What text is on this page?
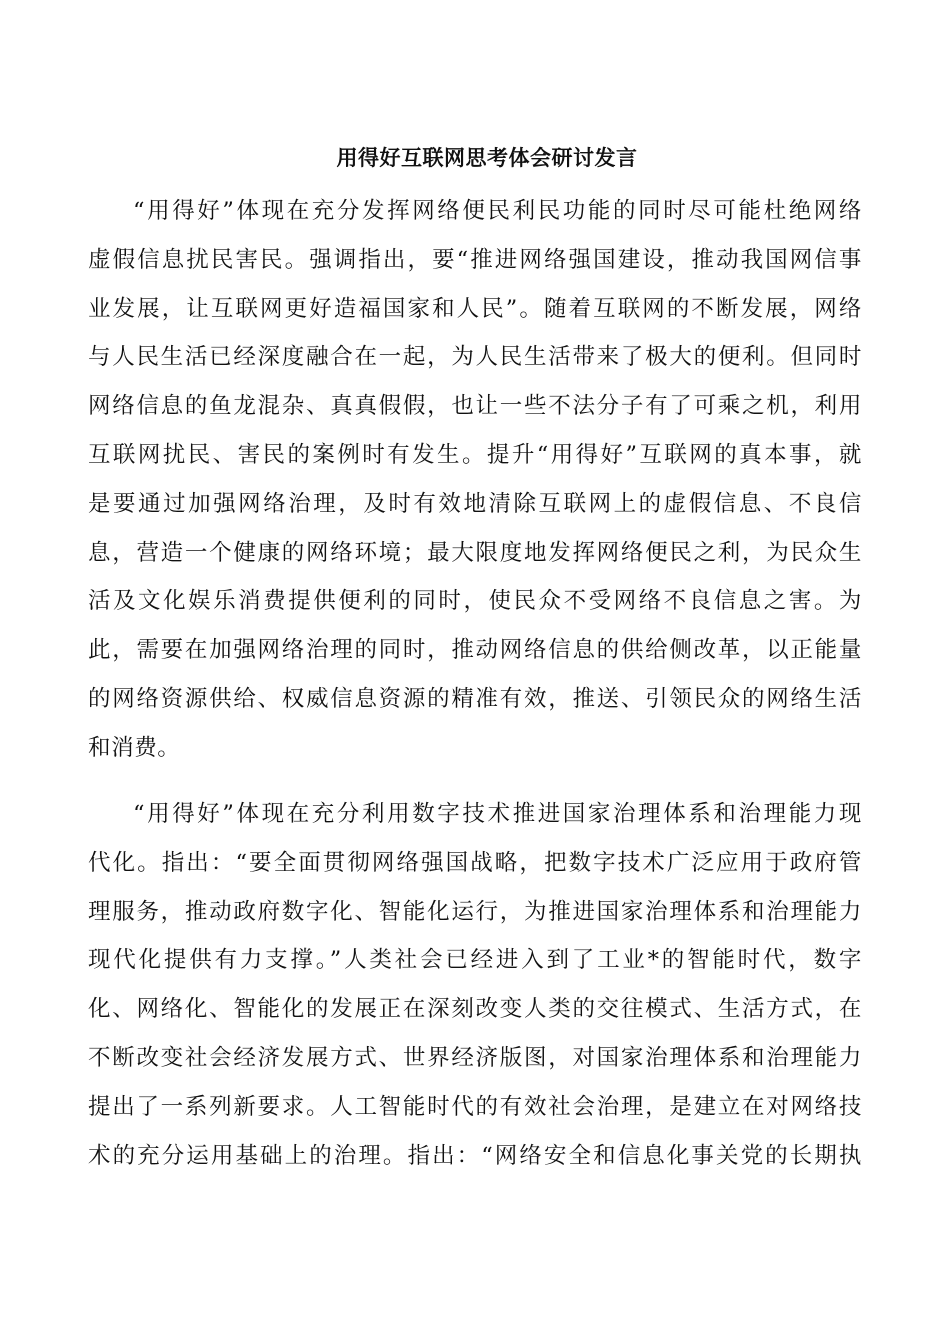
用得好互联网思考体会研讨发言
“用得好”体现在充分发挥网络便民利民功能的同时尽可能杜绝网络
虚假信息扰民害民。强调指出，要“推进网络强国建设，推动我国网信事
业发展，让互联网更好造福国家和人民”。随着互联网的不断发展，网络
与人民生活已经深度融合在一起，为人民生活带来了极大的便利。但同时
网络信息的鱼龙混杂、真真假假，也让一些不法分子有了可乘之机，利用
互联网扰民、害民的案例时有发生。提升“用得好”互联网的真本事，就
是要通过加强网络治理，及时有效地清除互联网上的虚假信息、不良信
息，营造一个健康的网络环境；最大限度地发挥网络便民之利，为民众生
活及文化娱乐消费提供便利的同时，使民众不受网络不良信息之害。为
此，需要在加强网络治理的同时，推动网络信息的供给侧改革，以正能量
的网络资源供给、权威信息资源的精准有效，推送、引领民众的网络生活
和消费。
“用得好”体现在充分利用数字技术推进国家治理体系和治理能力现
代化。指出：“要全面贯彻网络强国战略，把数字技术广泛应用于政府管
理服务，推动政府数字化、智能化运行，为推进国家治理体系和治理能力
现代化提供有力支撑。”人类社会已经进入到了工业*的智能时代，数字
化、网络化、智能化的发展正在深刻改变人类的交往模式、生活方式，在
不断改变社会经济发展方式、世界经济版图，对国家治理体系和治理能力
提出了一系列新要求。人工智能时代的有效社会治理，是建立在对网络技
术的充分运用基础上的治理。指出：“网络安全和信息化事关党的长期执
